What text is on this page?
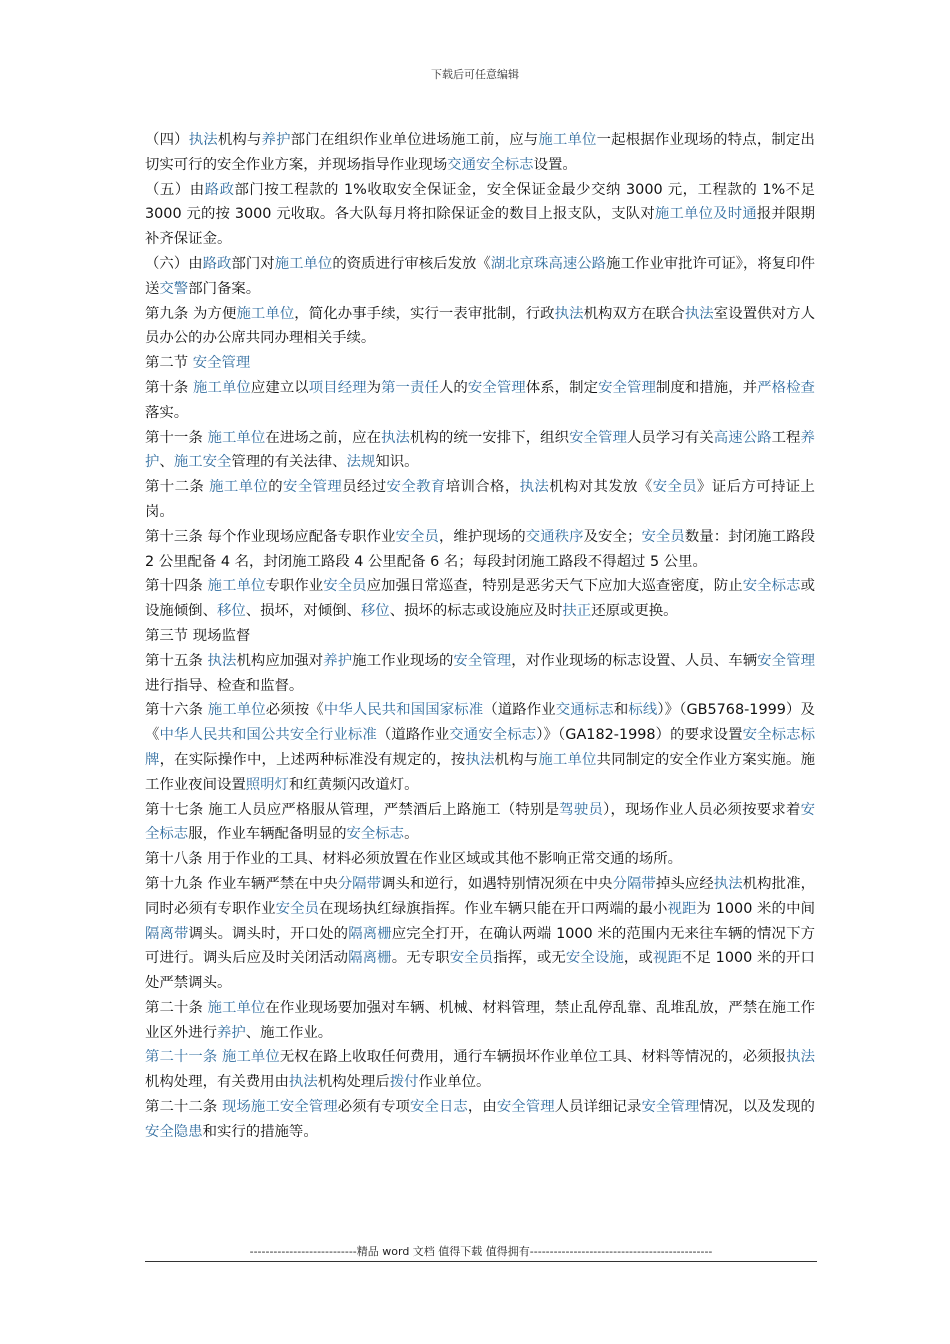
下载后可任意编辑

（四）执法机构与养护部门在组织作业单位进场施工前，应与施工单位一起根据作业现场的特点，制定出切实可行的安全作业方案，并现场指导作业现场交通安全标志设置。

（五）由路政部门按工程款的 1%收取安全保证金，安全保证金最少交纳 3000 元，工程款的 1%不足 3000 元的按 3000 元收取。各大队每月将扣除保证金的数目上报支队，支队对施工单位及时通报并限期补齐保证金。

（六）由路政部门对施工单位的资质进行审核后发放《湖北京珠高速公路施工作业审批许可证》，将复印件送交警部门备案。

第九条 为方便施工单位，简化办事手续，实行一表审批制，行政执法机构双方在联合执法室设置供对方人员办公的办公席共同办理相关手续。

第二节 安全管理

第十条 施工单位应建立以项目经理为第一责任人的安全管理体系，制定安全管理制度和措施，并严格检查落实。

第十一条 施工单位在进场之前，应在执法机构的统一安排下，组织安全管理人员学习有关高速公路工程养护、施工安全管理的有关法律、法规知识。

第十二条 施工单位的安全管理员经过安全教育培训合格，执法机构对其发放《安全员》证后方可持证上岗。

第十三条 每个作业现场应配备专职作业安全员，维护现场的交通秩序及安全；安全员数量：封闭施工路段 2 公里配备 4 名，封闭施工路段 4 公里配备 6 名；每段封闭施工路段不得超过 5 公里。

第十四条 施工单位专职作业安全员应加强日常巡查，特别是恶劣天气下应加大巡查密度，防止安全标志或设施倾倒、移位、损坏，对倾倒、移位、损坏的标志或设施应及时扶正还原或更换。

第三节 现场监督

第十五条 执法机构应加强对养护施工作业现场的安全管理，对作业现场的标志设置、人员、车辆安全管理进行指导、检查和监督。

第十六条 施工单位必须按《中华人民共和国国家标准（道路作业交通标志和标线）》（GB5768-1999）及《中华人民共和国公共安全行业标准（道路作业交通安全标志）》（GA182-1998）的要求设置安全标志标牌，在实际操作中，上述两种标准没有规定的，按执法机构与施工单位共同制定的安全作业方案实施。施工作业夜间设置照明灯和红黄频闪改道灯。

第十七条 施工人员应严格服从管理，严禁酒后上路施工（特别是驾驶员），现场作业人员必须按要求着安全标志服，作业车辆配备明显的安全标志。

第十八条 用于作业的工具、材料必须放置在作业区域或其他不影响正常交通的场所。

第十九条 作业车辆严禁在中央分隔带调头和逆行，如遇特别情况须在中央分隔带掉头应经执法机构批准，同时必须有专职作业安全员在现场执红绿旗指挥。作业车辆只能在开口两端的最小视距为 1000 米的中间隔离带调头。调头时，开口处的隔离栅应完全打开，在确认两端 1000 米的范围内无来往车辆的情况下方可进行。调头后应及时关闭活动隔离栅。无专职安全员指挥，或无安全设施，或视距不足 1000 米的开口处严禁调头。

第二十条 施工单位在作业现场要加强对车辆、机械、材料管理，禁止乱停乱靠、乱堆乱放，严禁在施工作业区外进行养护、施工作业。

第二十一条 施工单位无权在路上收取任何费用，通行车辆损坏作业单位工具、材料等情况的，必须报执法机构处理，有关费用由执法机构处理后拨付作业单位。

第二十二条 现场施工安全管理必须有专项安全日志，由安全管理人员详细记录安全管理情况，以及发现的安全隐患和实行的措施等。

---------------------------精品 word 文档 值得下载 值得拥有----------------------------------------------
